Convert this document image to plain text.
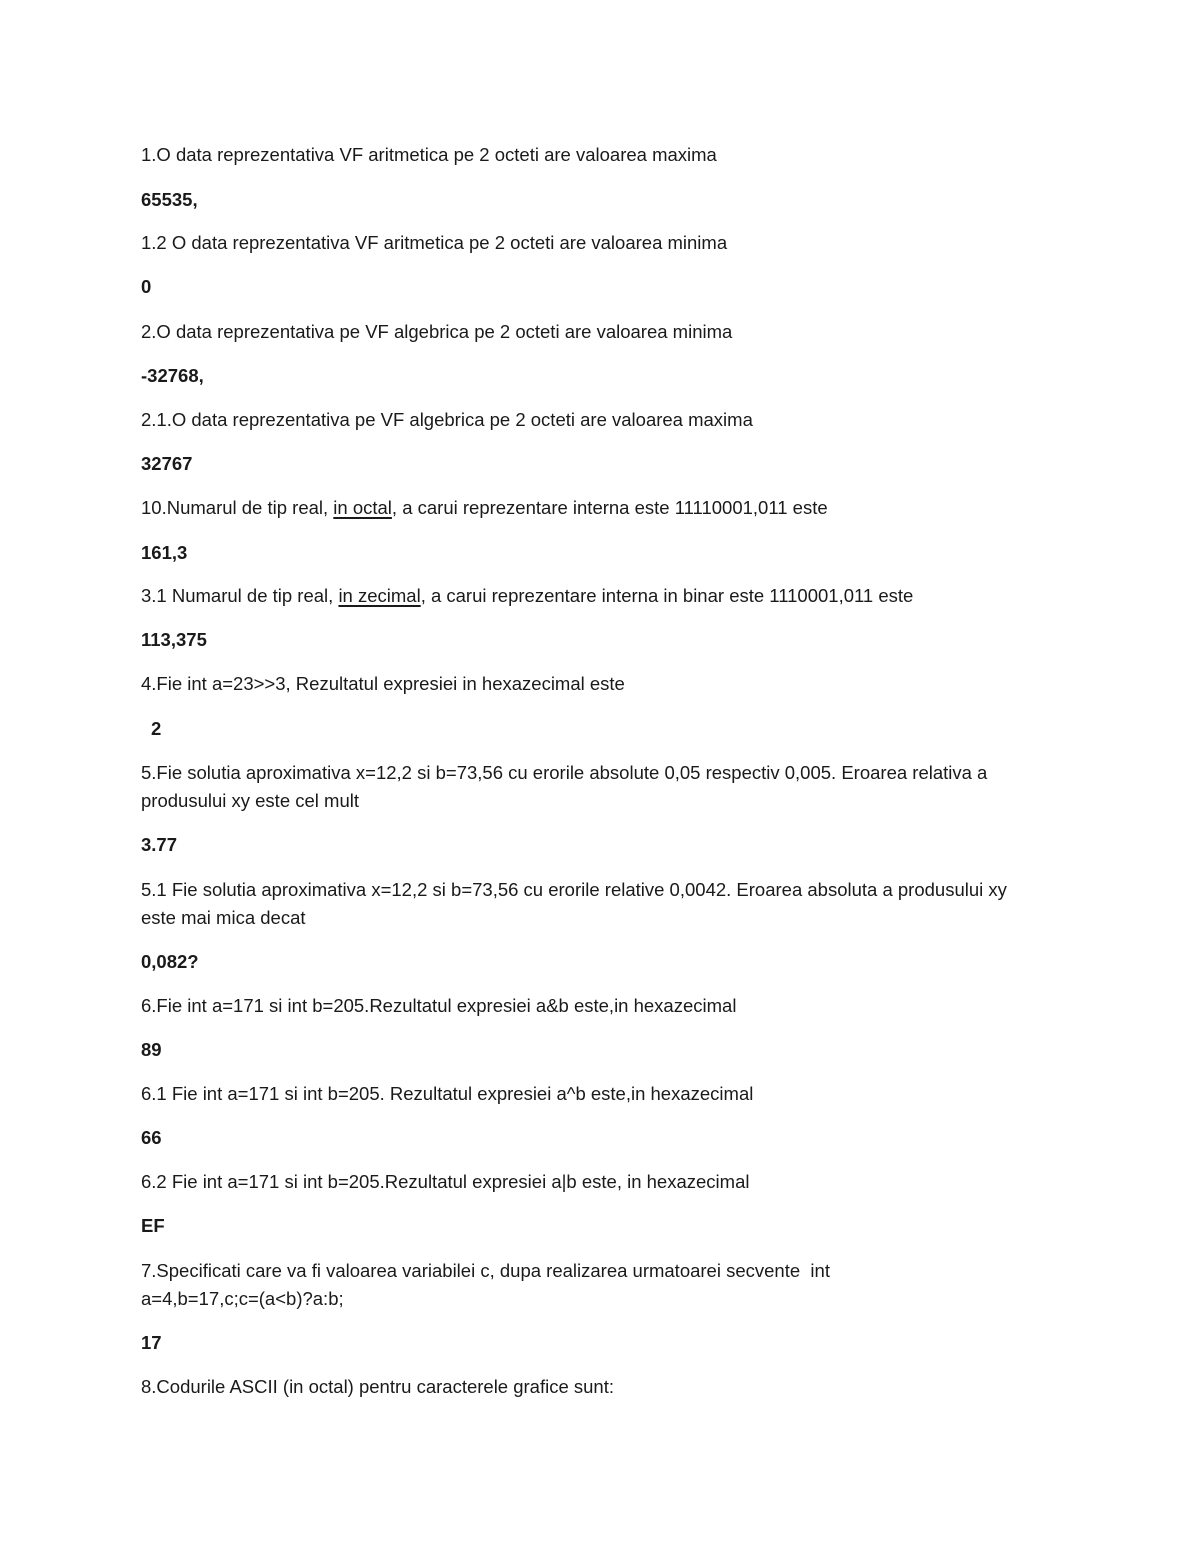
1.O data reprezentativa VF aritmetica pe 2 octeti are valoarea maxima
65535,
1.2 O data reprezentativa VF aritmetica pe 2 octeti are valoarea minima
0
2.O data reprezentativa pe VF algebrica pe 2 octeti are valoarea minima
-32768,
2.1.O data reprezentativa pe VF algebrica pe 2 octeti are valoarea maxima
32767
10.Numarul de tip real, in octal, a carui reprezentare interna este 11110001,011 este
161,3
3.1 Numarul de tip real, in zecimal, a carui reprezentare interna in binar este 1110001,011 este
113,375
4.Fie int a=23>>3, Rezultatul expresiei in hexazecimal este
2
5.Fie solutia aproximativa x=12,2 si b=73,56 cu erorile absolute 0,05 respectiv 0,005. Eroarea relativa a produsului xy este cel mult
3.77
5.1 Fie solutia aproximativa x=12,2 si b=73,56 cu erorile relative 0,0042. Eroarea absoluta a produsului xy este mai mica decat
0,082?
6.Fie int a=171 si int b=205.Rezultatul expresiei a&b este,in hexazecimal
89
6.1 Fie int a=171 si int b=205. Rezultatul expresiei a^b este,in hexazecimal
66
6.2 Fie int a=171 si int b=205.Rezultatul expresiei a|b este, in hexazecimal
EF
7.Specificati care va fi valoarea variabilei c, dupa realizarea urmatoarei secvente  int a=4,b=17,c;c=(a<b)?a:b;
17
8.Codurile ASCII (in octal) pentru caracterele grafice sunt:
